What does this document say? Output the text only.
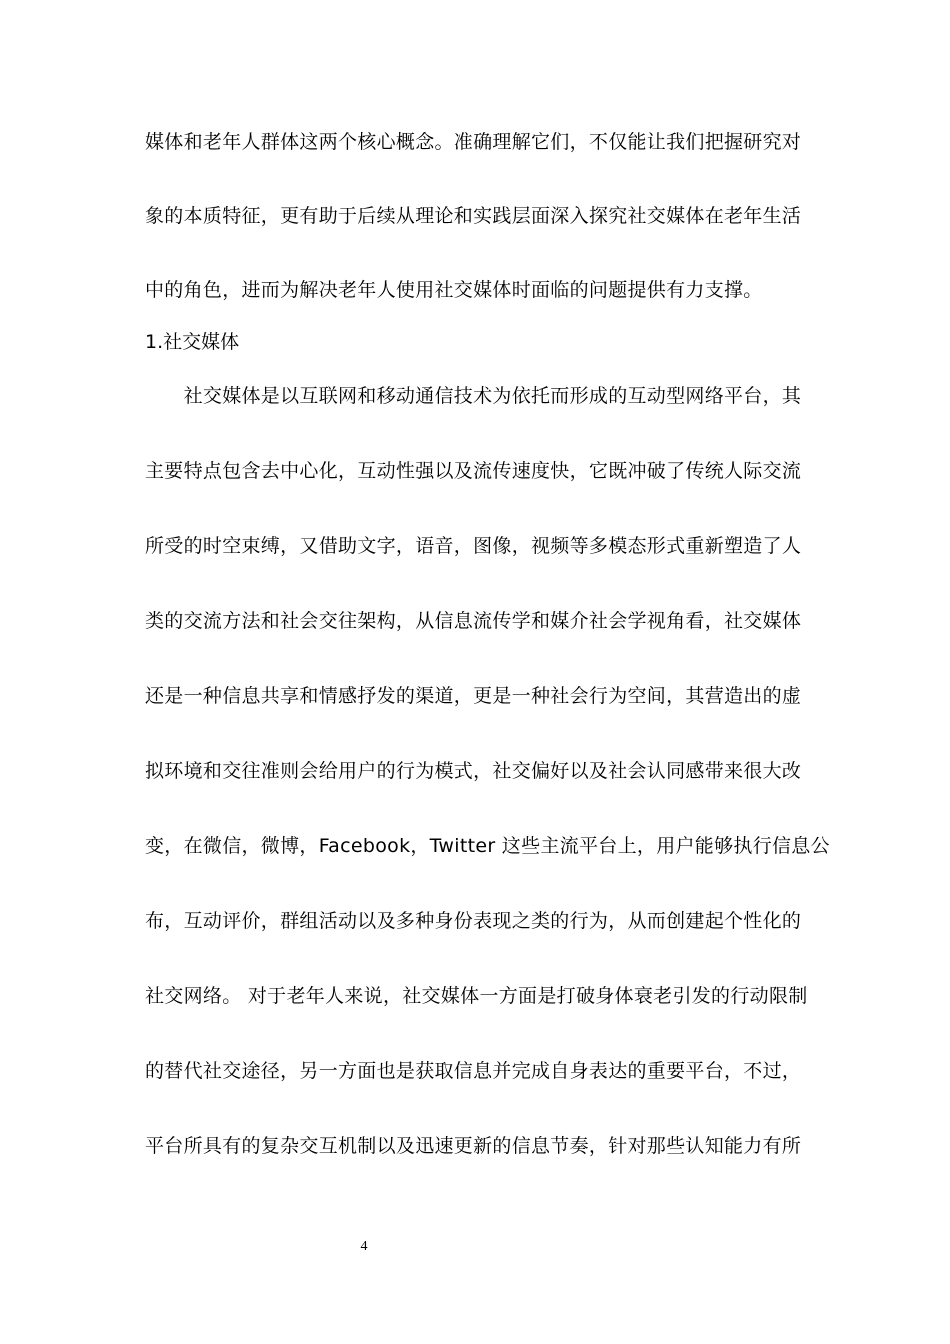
媒体和老年人群体这两个核心概念。准确理解它们，不仅能让我们把握研究对
象的本质特征，更有助于后续从理论和实践层面深入探究社交媒体在老年生活
中的角色，进而为解决老年人使用社交媒体时面临的问题提供有力支撑。
1.社交媒体
　　社交媒体是以互联网和移动通信技术为依托而形成的互动型网络平台，其
主要特点包含去中心化，互动性强以及流传速度快，它既冲破了传统人际交流
所受的时空束缚，又借助文字，语音，图像，视频等多模态形式重新塑造了人
类的交流方法和社会交往架构，从信息流传学和媒介社会学视角看，社交媒体
还是一种信息共享和情感抒发的渠道，更是一种社会行为空间，其营造出的虚
拟环境和交往准则会给用户的行为模式，社交偏好以及社会认同感带来很大改
变，在微信，微博，Facebook，Twitter 这些主流平台上，用户能够执行信息公
布，互动评价，群组活动以及多种身份表现之类的行为，从而创建起个性化的
社交网络。 对于老年人来说，社交媒体一方面是打破身体衰老引发的行动限制
的替代社交途径，另一方面也是获取信息并完成自身表达的重要平台，不过，
平台所具有的复杂交互机制以及迅速更新的信息节奏，针对那些认知能力有所
4
